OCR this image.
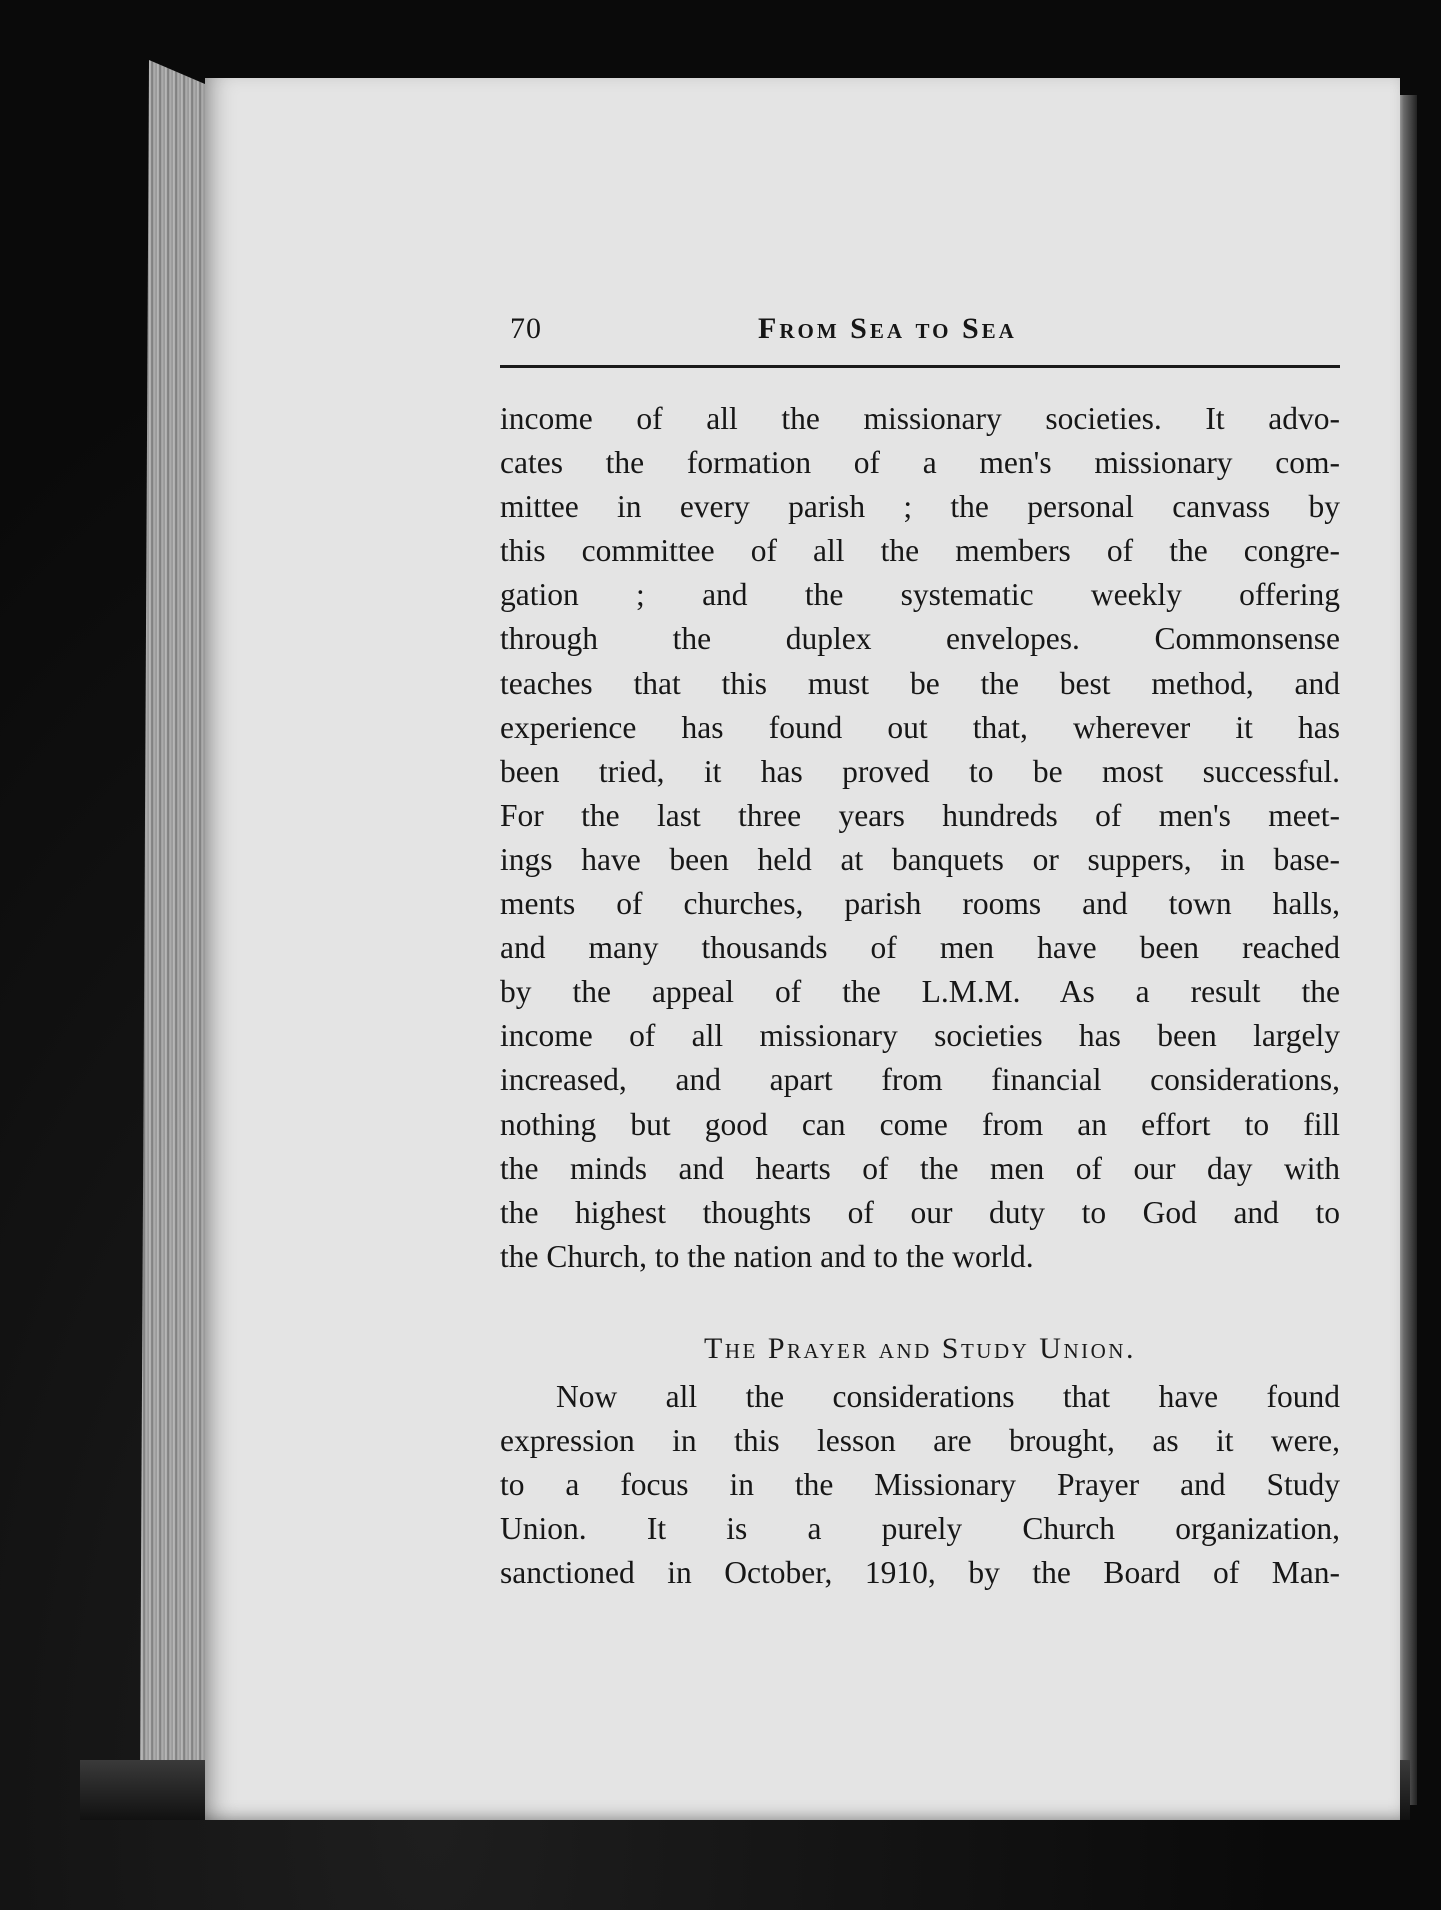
70	From Sea to Sea
income of all the missionary societies. It advo-
cates the formation of a men's missionary com-
mittee in every parish ; the personal canvass by
this committee of all the members of the congre-
gation ; and the systematic weekly offering
through the duplex envelopes. Commonsense
teaches that this must be the best method, and
experience has found out that, wherever it has
been tried, it has proved to be most successful.
For the last three years hundreds of men's meet-
ings have been held at banquets or suppers, in base-
ments of churches, parish rooms and town halls,
and many thousands of men have been reached
by the appeal of the L.M.M. As a result the
income of all missionary societies has been largely
increased, and apart from financial considerations,
nothing but good can come from an effort to fill
the minds and hearts of the men of our day with
the highest thoughts of our duty to God and to
the Church, to the nation and to the world.
The Prayer and Study Union.
Now all the considerations that have found
expression in this lesson are brought, as it were,
to a focus in the Missionary Prayer and Study
Union. It is a purely Church organization,
sanctioned in October, 1910, by the Board of Man-
